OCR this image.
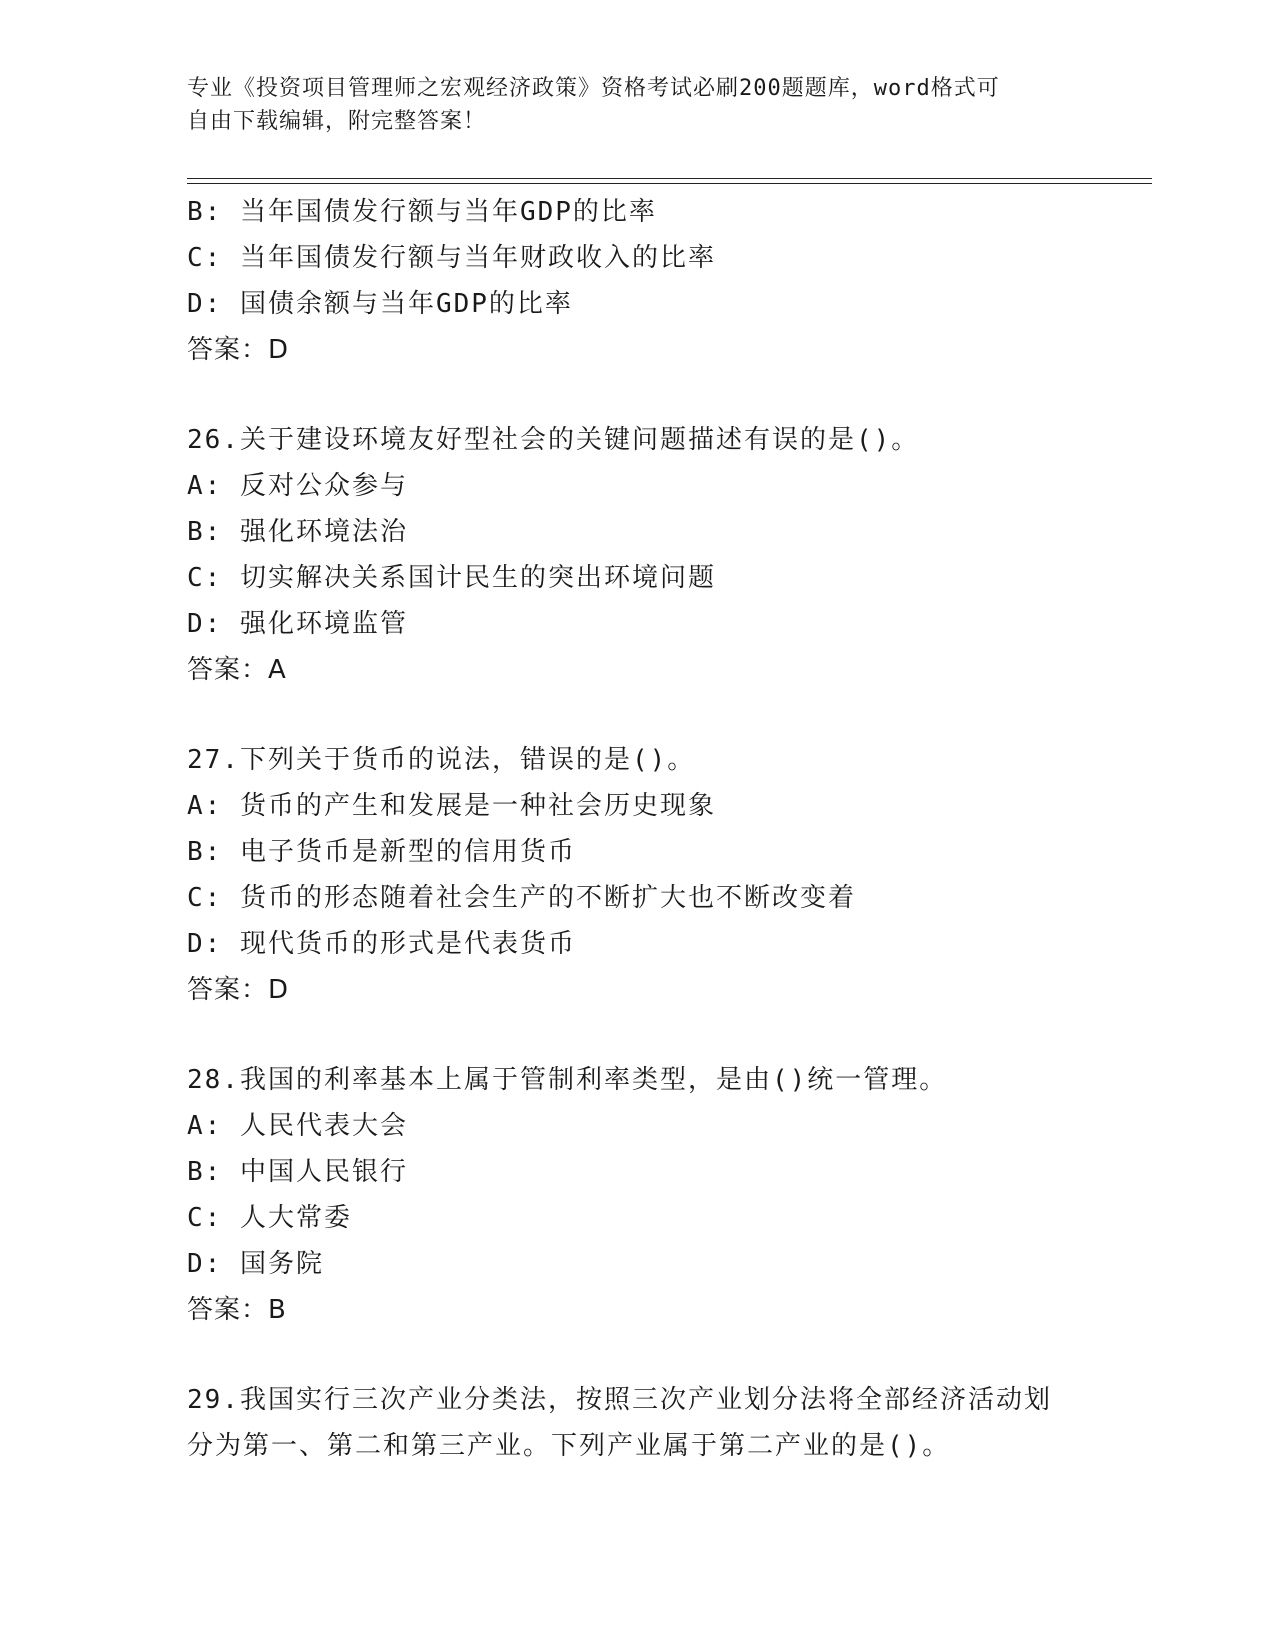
专业《投资项目管理师之宏观经济政策》资格考试必刷200题题库，word格式可
自由下载编辑，附完整答案！
B: 当年国债发行额与当年GDP的比率
C: 当年国债发行额与当年财政收入的比率
D: 国债余额与当年GDP的比率
答案：D
26.关于建设环境友好型社会的关键问题描述有误的是()。
A: 反对公众参与
B: 强化环境法治
C: 切实解决关系国计民生的突出环境问题
D: 强化环境监管
答案：A
27.下列关于货币的说法，错误的是()。
A: 货币的产生和发展是一种社会历史现象
B: 电子货币是新型的信用货币
C: 货币的形态随着社会生产的不断扩大也不断改变着
D: 现代货币的形式是代表货币
答案：D
28.我国的利率基本上属于管制利率类型，是由()统一管理。
A: 人民代表大会
B: 中国人民银行
C: 人大常委
D: 国务院
答案：B
29.我国实行三次产业分类法，按照三次产业划分法将全部经济活动划
分为第一、第二和第三产业。下列产业属于第二产业的是()。
